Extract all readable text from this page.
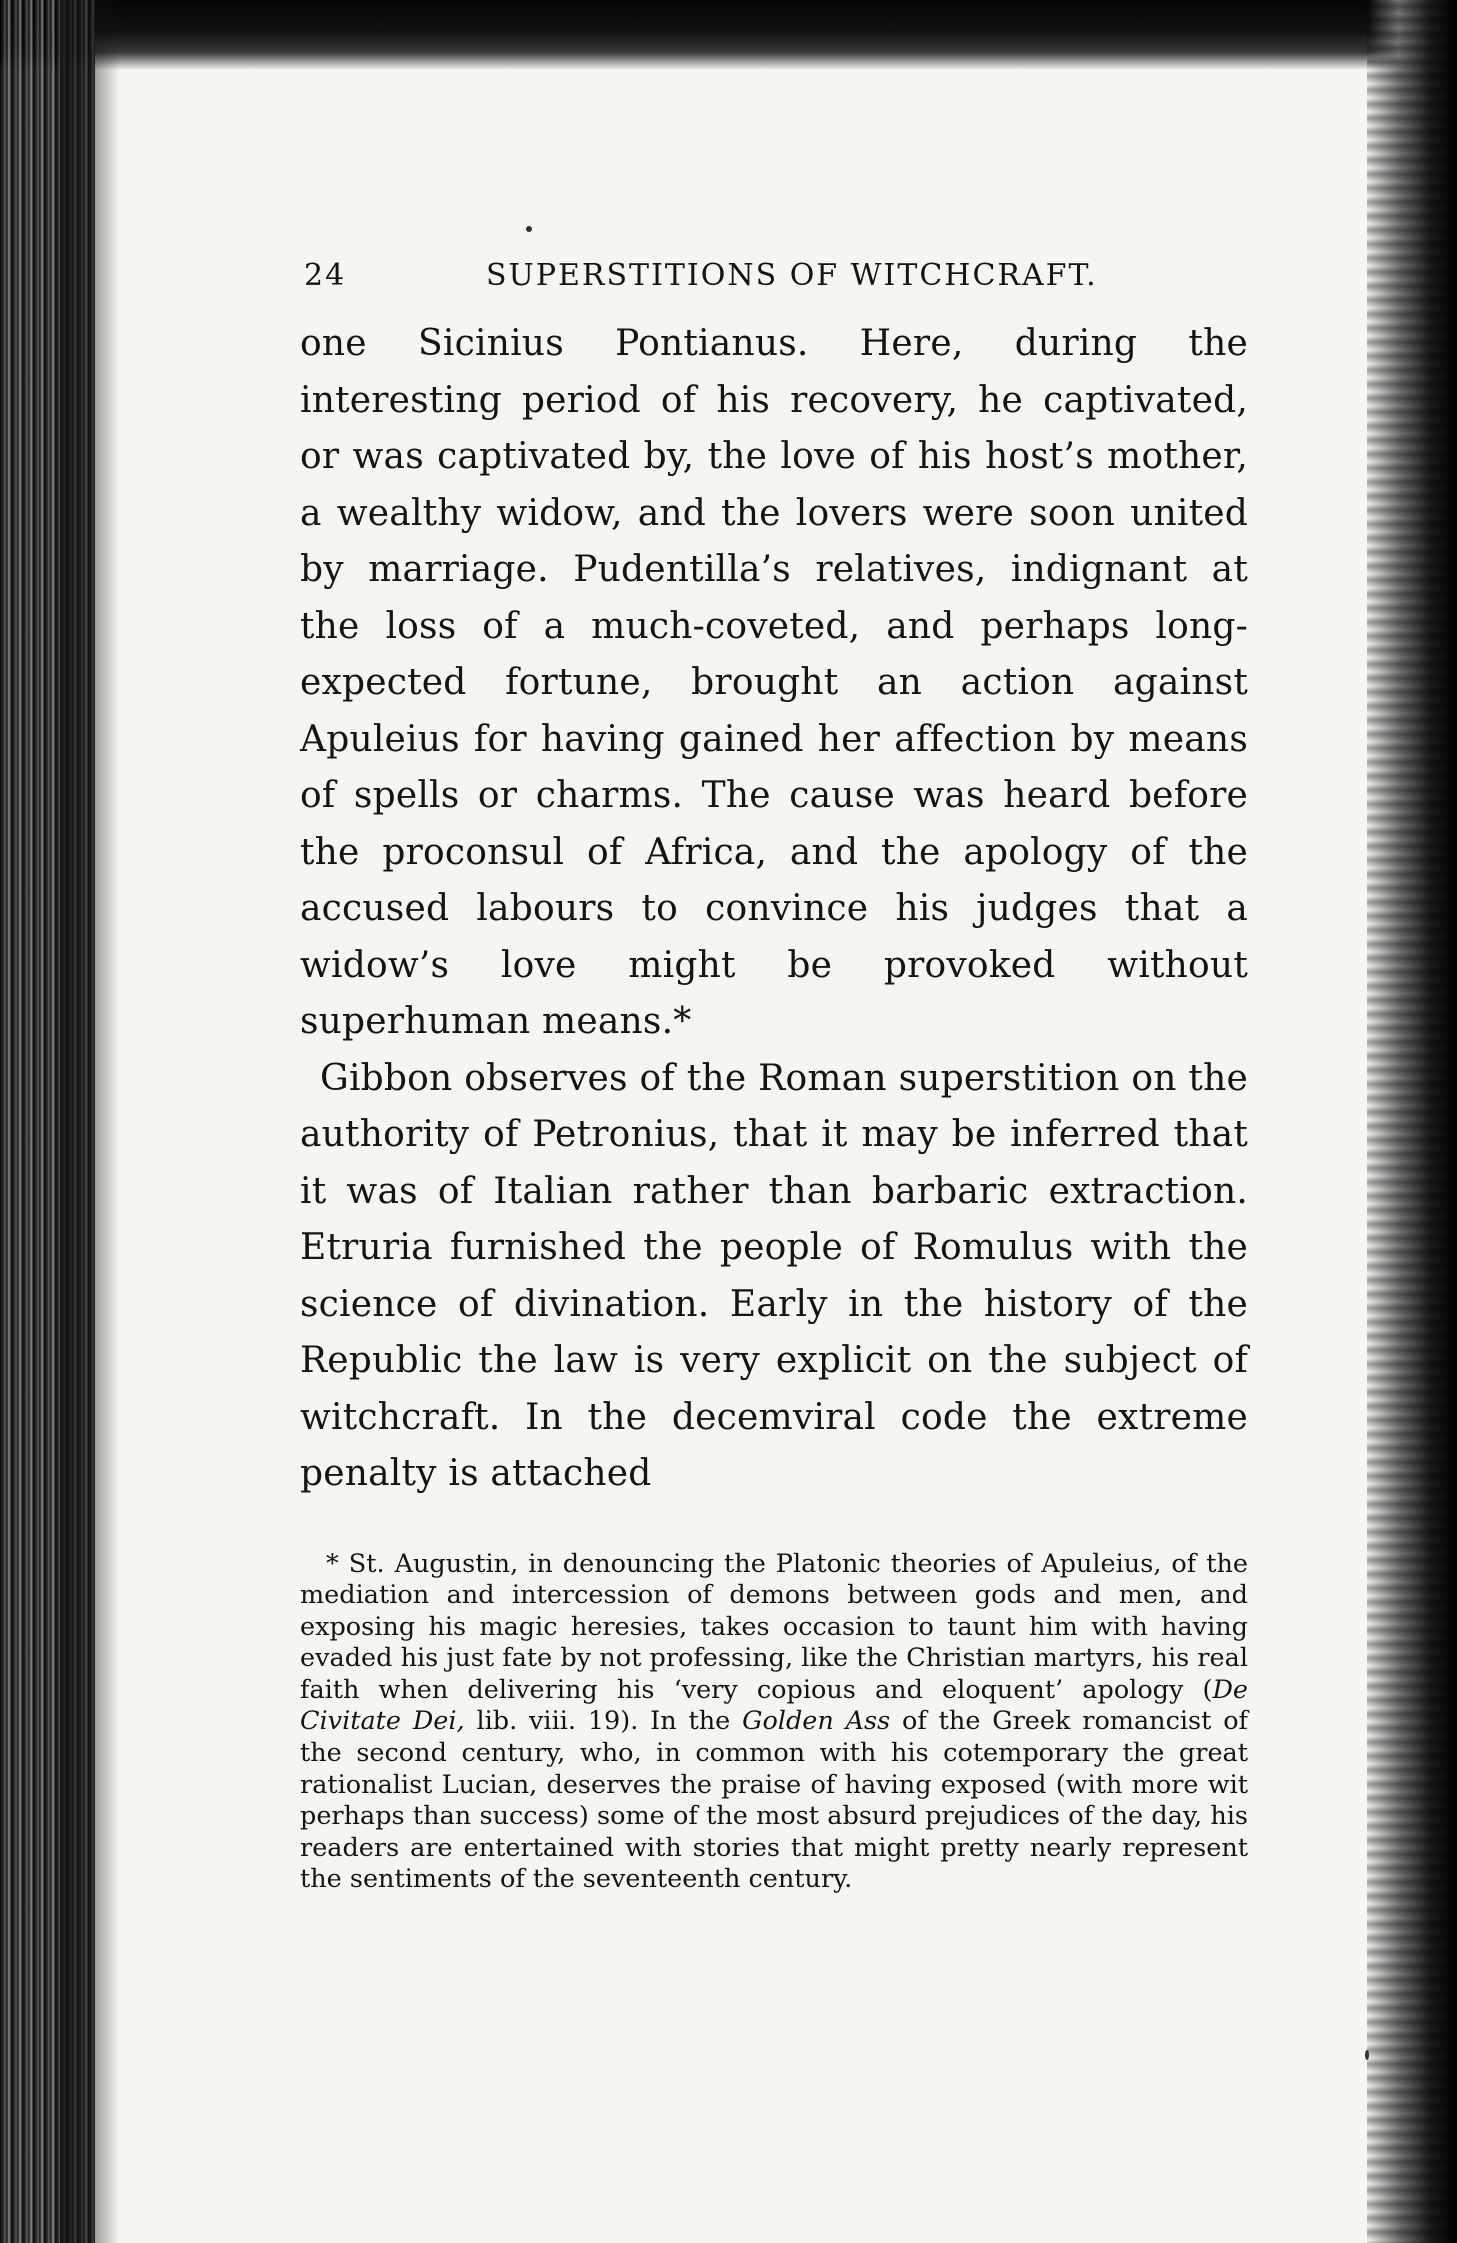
24	SUPERSTITIONS OF WITCHCRAFT.

one Sicinius Pontianus. Here, during the interesting period of his recovery, he captivated, or was captivated by, the love of his host’s mother, a wealthy widow, and the lovers were soon united by marriage. Pudentilla’s relatives, indignant at the loss of a much-coveted, and perhaps long-expected fortune, brought an action against Apuleius for having gained her affection by means of spells or charms. The cause was heard before the proconsul of Africa, and the apology of the accused labours to convince his judges that a widow’s love might be provoked without superhuman means.*

Gibbon observes of the Roman superstition on the authority of Petronius, that it may be inferred that it was of Italian rather than barbaric extraction. Etruria furnished the people of Romulus with the science of divination. Early in the history of the Republic the law is very explicit on the subject of witchcraft. In the decemviral code the extreme penalty is attached

* St. Augustin, in denouncing the Platonic theories of Apuleius, of the mediation and intercession of demons between gods and men, and exposing his magic heresies, takes occasion to taunt him with having evaded his just fate by not professing, like the Christian martyrs, his real faith when delivering his ‘very copious and eloquent’ apology (De Civitate Dei, lib. viii. 19). In the Golden Ass of the Greek romancist of the second century, who, in common with his cotemporary the great rationalist Lucian, deserves the praise of having exposed (with more wit perhaps than success) some of the most absurd prejudices of the day, his readers are entertained with stories that might pretty nearly represent the sentiments of the seventeenth century.
